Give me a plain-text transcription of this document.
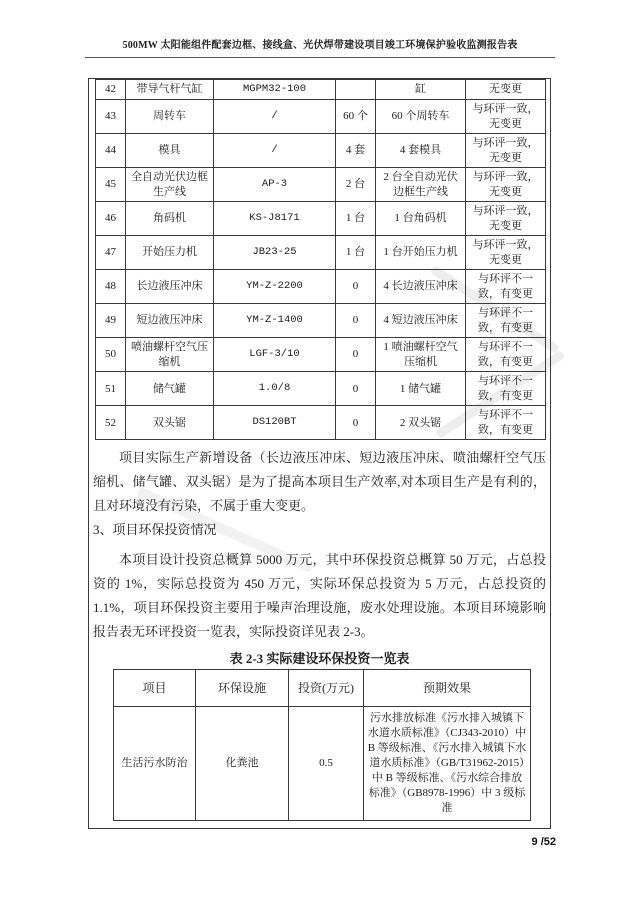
500MW 太阳能组件配套边框、接线盒、光伏焊带建设项目竣工环境保护验收监测报告表
42	带导气杆气缸	MGPM32-100		缸	无变更
43	周转车	/	60 个	60 个周转车	与环评一致，无变更
44	模具	/	4 套	4 套模具	与环评一致，无变更
45	全自动光伏边框生产线	AP-3	2 台	2 台全自动光伏边框生产线	与环评一致，无变更
46	角码机	KS-J8171	1 台	1 台角码机	与环评一致，无变更
47	开始压力机	JB23-25	1 台	1 台开始压力机	与环评一致，无变更
48	长边液压冲床	YM-Z-2200	0	4 长边液压冲床	与环评不一致，有变更
49	短边液压冲床	YM-Z-1400	0	4 短边液压冲床	与环评不一致，有变更
50	喷油螺杆空气压缩机	LGF-3/10	0	1 喷油螺杆空气压缩机	与环评不一致，有变更
51	储气罐	1.0/8	0	1 储气罐	与环评不一致，有变更
52	双头锯	DS120BT	0	2 双头锯	与环评不一致，有变更

项目实际生产新增设备（长边液压冲床、短边液压冲床、喷油螺杆空气压缩机、储气罐、双头锯）是为了提高本项目生产效率,对本项目生产是有利的，且对环境没有污染，不属于重大变更。

3、项目环保投资情况

本项目设计投资总概算 5000 万元，其中环保投资总概算 50 万元，占总投资的 1%，实际总投资为 450 万元，实际环保总投资为 5 万元，占总投资的 1.1%，项目环保投资主要用于噪声治理设施，废水处理设施。本项目环境影响报告表无环评投资一览表，实际投资详见表 2-3。

表 2-3 实际建设环保投资一览表
项目	环保设施	投资(万元)	预期效果
生活污水防治	化粪池	0.5	污水排放标准《污水排入城镇下水道水质标准》（CJ343-2010）中 B 等级标准、《污水排入城镇下水道水质标准》（GB/T31962-2015）中 B 等级标准、《污水综合排放标准》（GB8978-1996）中 3 级标准
9 /52
